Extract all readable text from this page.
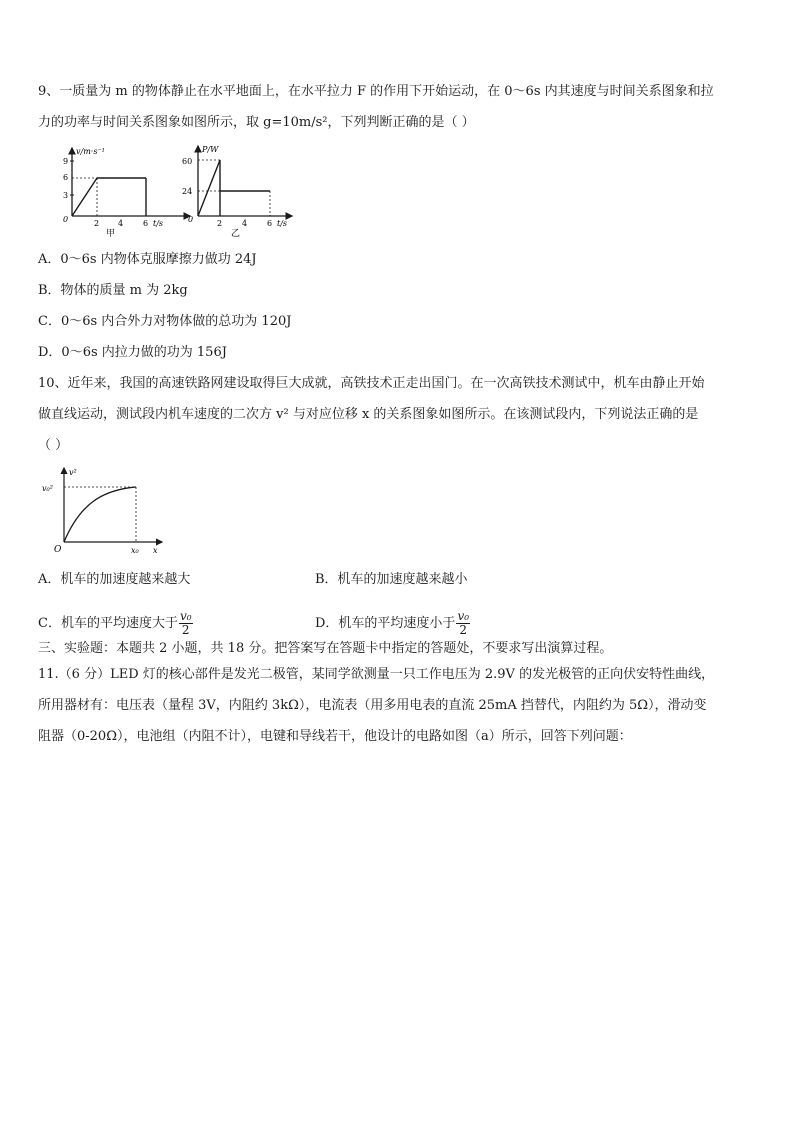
9、一质量为 m 的物体静止在水平地面上，在水平拉力 F 的作用下开始运动，在 0～6s 内其速度与时间关系图象和拉
力的功率与时间关系图象如图所示，取 g=10m/s²，下列判断正确的是（ ）
v/m·s⁻¹
9
6
3
0	2 4 6 t/s
甲
P/W
60
24
0	2 4 6 t/s
乙
A．0～6s 内物体克服摩擦力做功 24J
B．物体的质量 m 为 2kg
C．0～6s 内合外力对物体做的总功为 120J
D．0～6s 内拉力做的功为 156J
10、近年来，我国的高速铁路网建设取得巨大成就，高铁技术正走出国门。在一次高铁技术测试中，机车由静止开始
做直线运动，测试段内机车速度的二次方 v² 与对应位移 x 的关系图象如图所示。在该测试段内，下列说法正确的是
（ ）
v²
v₀²
O	x₀ x
A．机车的加速度越来越大	B．机车的加速度越来越小
C．机车的平均速度大于 $\frac{\text{v₀}}{2}$	D．机车的平均速度小于 $\frac{\text{v₀}}{2}$
三、实验题：本题共 2 小题，共 18 分。把答案写在答题卡中指定的答题处，不要求写出演算过程。
11.（6 分）LED 灯的核心部件是发光二极管，某同学欲测量一只工作电压为 2.9V 的发光极管的正向伏安特性曲线，
所用器材有：电压表（量程 3V，内阻约 3kΩ），电流表（用多用电表的直流 25mA 挡替代，内阻约为 5Ω），滑动变
阻器（0-20Ω），电池组（内阻不计），电键和导线若干，他设计的电路如图（a）所示，回答下列问题：
